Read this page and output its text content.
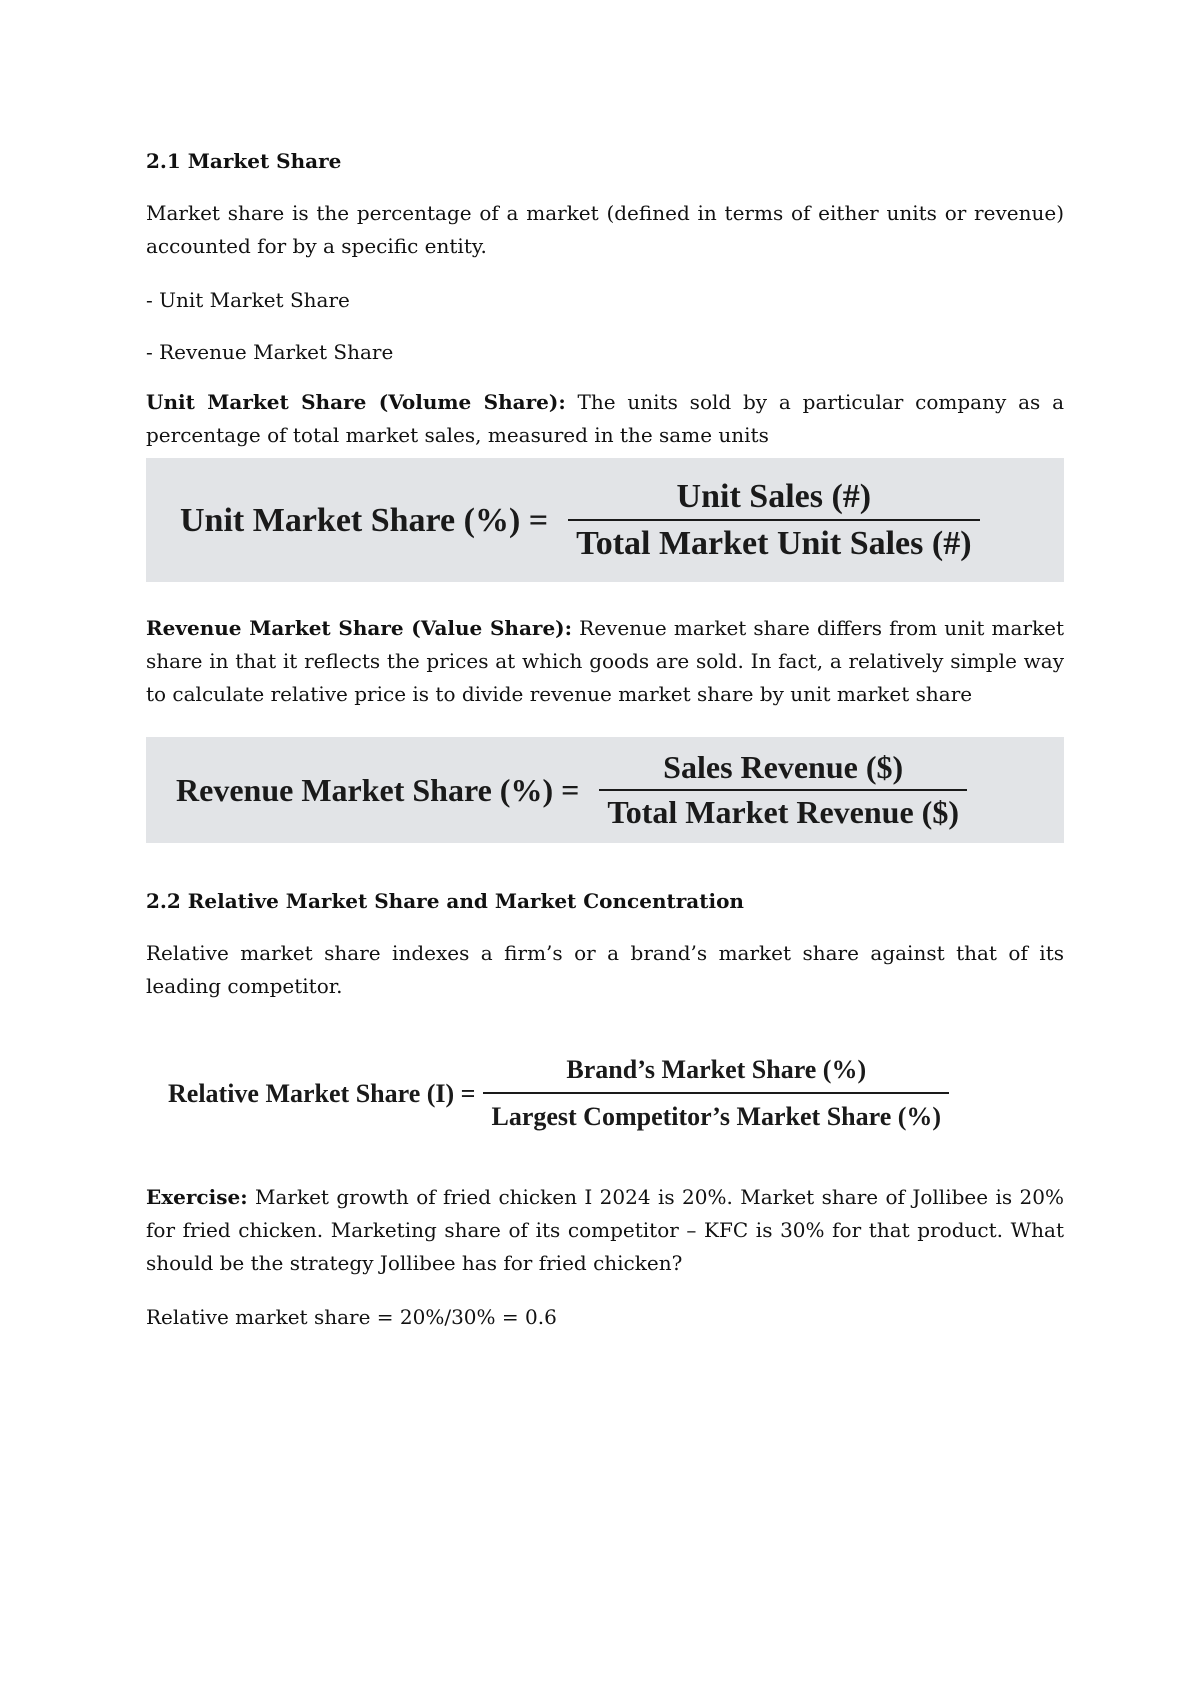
2.1 Market Share

Market share is the percentage of a market (defined in terms of either units or revenue) accounted for by a specific entity.

- Unit Market Share

- Revenue Market Share

Unit Market Share (Volume Share): The units sold by a particular company as a percentage of total market sales, measured in the same units

Unit Market Share (%) = $\frac{\text{Unit Sales (\#)}}{\text{Total Market Unit Sales (\#)}}$

Revenue Market Share (Value Share): Revenue market share differs from unit market share in that it reflects the prices at which goods are sold. In fact, a relatively simple way to calculate relative price is to divide revenue market share by unit market share

Revenue Market Share (%) = $\frac{\text{Sales Revenue (\$)}}{\text{Total Market Revenue (\$)}}$
2.2 Relative Market Share and Market Concentration

Relative market share indexes a firm’s or a brand’s market share against that of its leading competitor.

Relative Market Share $(I) = \frac{\text{Brand’s Market Share (\%)}}{\text{Largest Competitor’s Market Share (\%)}}$

Exercise: Market growth of fried chicken I 2024 is 20%. Market share of Jollibee is 20% for fried chicken. Marketing share of its competitor – KFC is 30% for that product. What should be the strategy Jollibee has for fried chicken?

Relative market share = 20%/30% = 0.6
